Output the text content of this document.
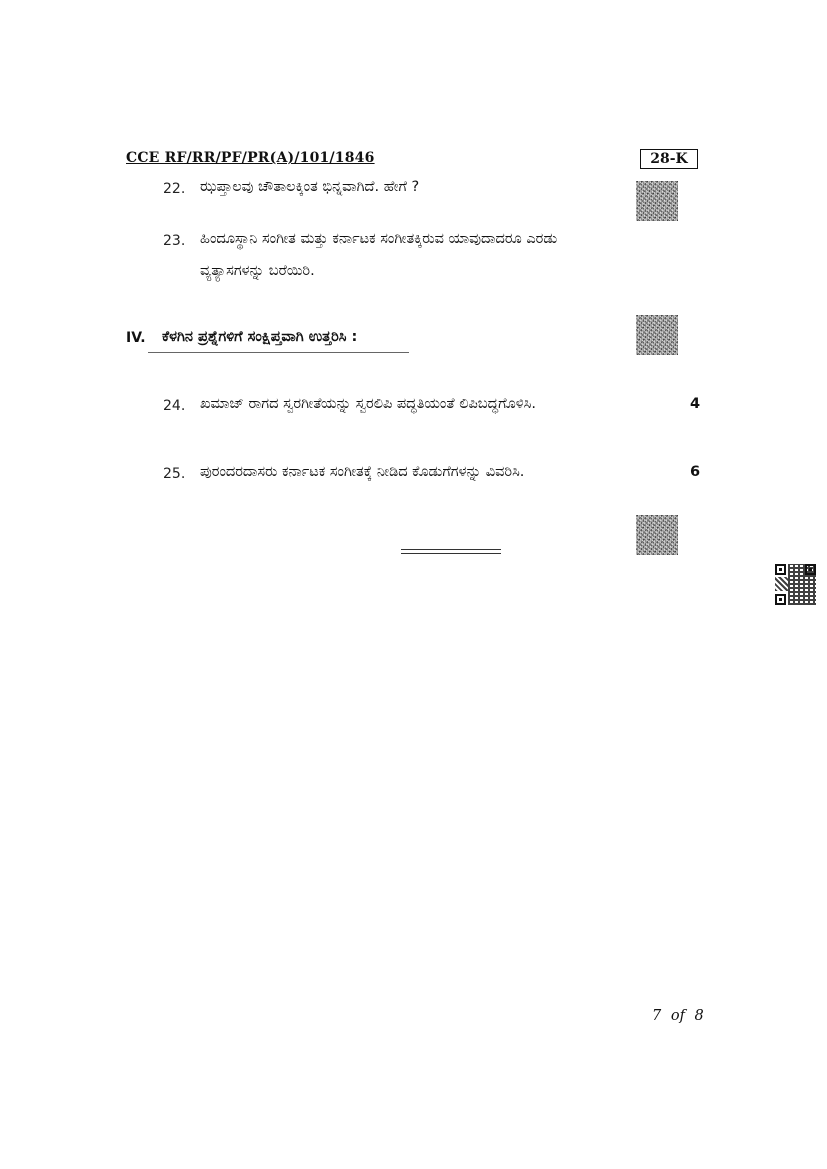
CCE RF/RR/PF/PR(A)/101/1846	28-K
22. ಝಪ್ತಾಲವು ಚೌತಾಲಕ್ಕಿಂತ ಭಿನ್ನವಾಗಿದೆ. ಹೇಗೆ ?
23. ಹಿಂದೂಸ್ಥಾನಿ ಸಂಗೀತ ಮತ್ತು ಕರ್ನಾಟಕ ಸಂಗೀತಕ್ಕಿರುವ ಯಾವುದಾದರೂ ಎರಡು
ವ್ಯತ್ಯಾಸಗಳನ್ನು ಬರೆಯಿರಿ.
IV. ಕೆಳಗಿನ ಪ್ರಶ್ನೆಗಳಿಗೆ ಸಂಕ್ಷಿಪ್ತವಾಗಿ ಉತ್ತರಿಸಿ :
24. ಖಮಾಜ್ ರಾಗದ ಸ್ವರಗೀತೆಯನ್ನು ಸ್ವರಲಿಪಿ ಪದ್ಧತಿಯಂತೆ ಲಿಪಿಬದ್ಧಗೊಳಿಸಿ.	4
25. ಪುರಂದರದಾಸರು ಕರ್ನಾಟಕ ಸಂಗೀತಕ್ಕೆ ನೀಡಿದ ಕೊಡುಗೆಗಳನ್ನು ವಿವರಿಸಿ.	6
7 of 8
